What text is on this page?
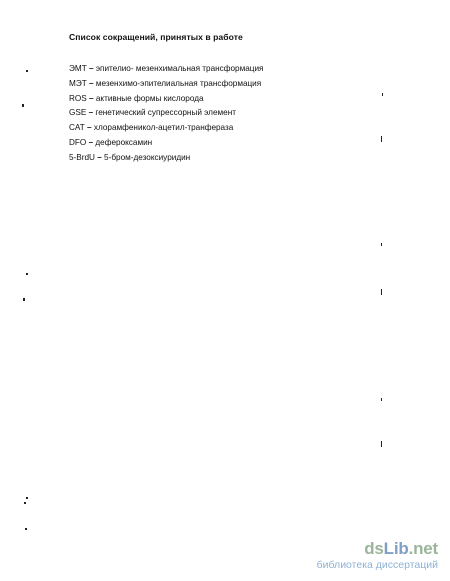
Список сокращений, принятых в работе
ЭМТ – эпителио- мезенхимальная трансформация
МЭТ – мезенхимо-эпителиальная трансформация
ROS – активные формы кислорода
GSE – генетический супрессорный элемент
CAT – хлорамфеникол-ацетил-транфераза
DFO – дефероксамин
5-BrdU – 5-бром-дезоксиуридин
dsLib.net
библиотека диссертаций
